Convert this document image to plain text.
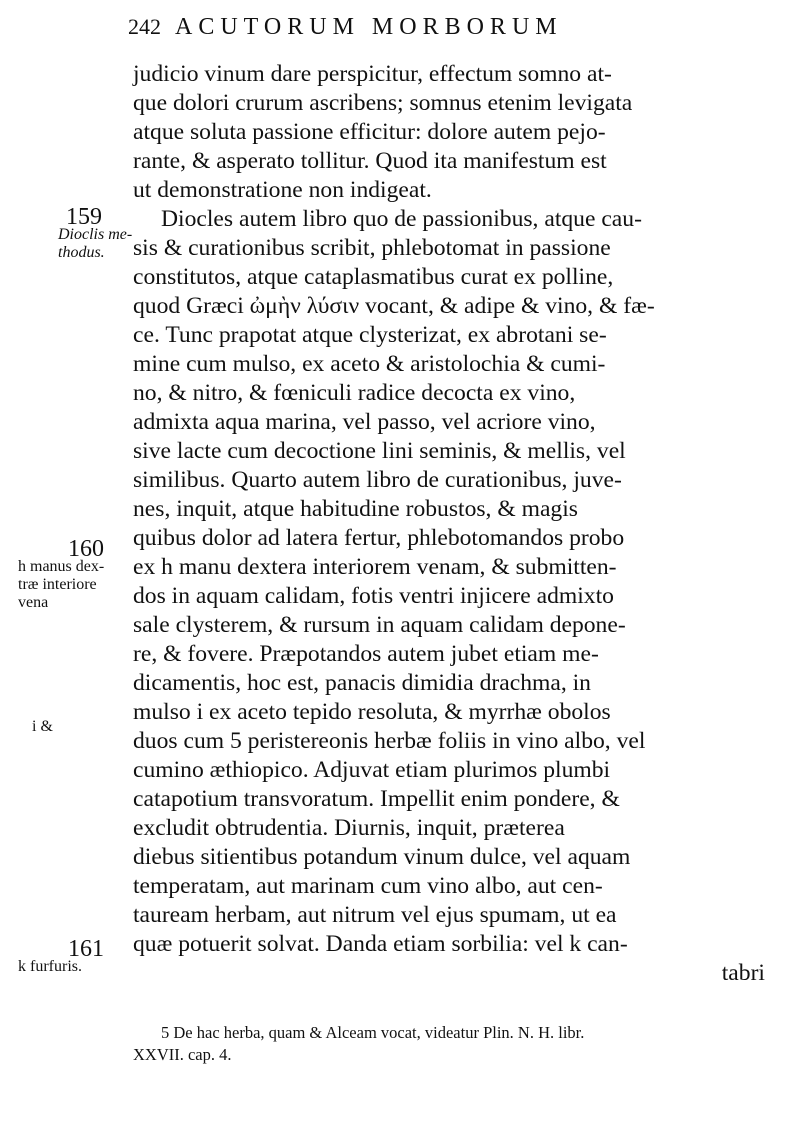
242 ACUTORUM MORBORUM
judicio vinum dare perspicitur, effectum somno at-
que dolori crurum ascribens; somnus etenim levigata
atque soluta passione efficitur: dolore autem pejo-
rante, & asperato tollitur. Quod ita manifestum est
ut demonstratione non indigeat.
Diocles autem libro quo de passionibus, atque cau-
sis & curationibus scribit, phlebotomat in passione
constitutos, atque cataplasmatibus curat ex polline,
quod Græci ὠμὴν λύσιν vocant, & adipe & vino, & fæ-
ce. Tunc prapotat atque clysterizat, ex abrotani se-
mine cum mulso, ex aceto & aristolochia & cumi-
no, & nitro, & fœniculi radice decocta ex vino,
admixta aqua marina, vel passo, vel acriore vino,
sive lacte cum decoctione lini seminis, & mellis, vel
similibus. Quarto autem libro de curationibus, juve-
nes, inquit, atque habitudine robustos, & magis
quibus dolor ad latera fertur, phlebotomandos probo
ex h manu dextera interiorem venam, & submitten-
dos in aquam calidam, fotis ventri injicere admixto
sale clysterem, & rursum in aquam calidam depone-
re, & fovere. Præpotandos autem jubet etiam me-
dicamentis, hoc est, panacis dimidia drachma, in
mulso i ex aceto tepido resoluta, & myrrhæ obolos
duos cum 5 peristereonis herbæ foliis in vino albo, vel
cumino æthiopico. Adjuvat etiam plurimos plumbi
catapotium transvoratum. Impellit enim pondere, &
excludit obtrudentia. Diurnis, inquit, præterea
diebus sitientibus potandum vinum dulce, vel aquam
temperatam, aut marinam cum vino albo, aut cen-
tauream herbam, aut nitrum vel ejus spumam, ut ea
quæ potuerit solvat. Danda etiam sorbilia: vel k can-
tabri
159
Dioclis me-
thodus.
160
h manus dex-
træ interiore
vena
i &
161
k furfuris.
5 De hac herba, quam & Alceam vocat, videatur Plin. N. H. libr.
XXVII. cap. 4.
